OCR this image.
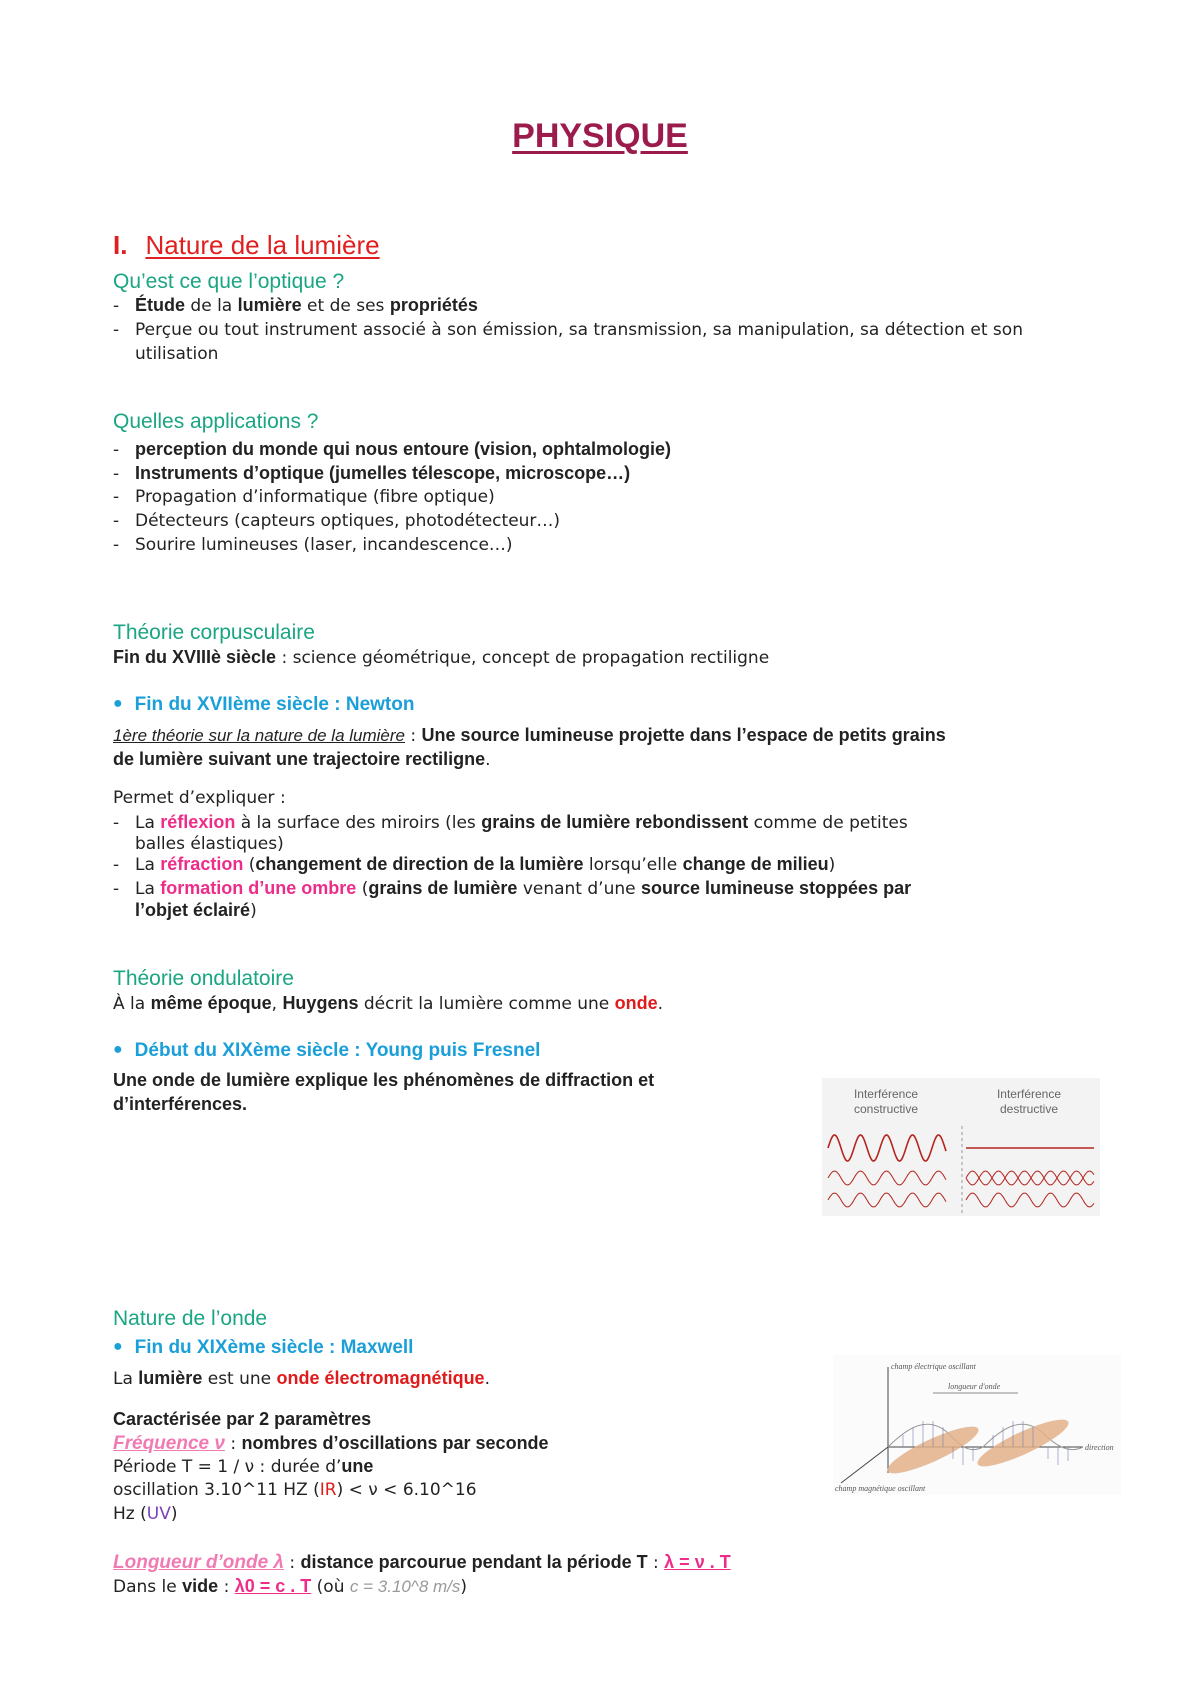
PHYSIQUE
I. Nature de la lumière
Qu’est ce que l’optique ?
- Étude de la lumière et de ses propriétés
- Perçue ou tout instrument associé à son émission, sa transmission, sa manipulation, sa détection et son
utilisation
Quelles applications ?
- perception du monde qui nous entoure (vision, ophtalmologie)
- Instruments d’optique (jumelles télescope, microscope…)
- Propagation d’informatique (fibre optique)
- Détecteurs (capteurs optiques, photodétecteur…)
- Sourire lumineuses (laser, incandescence…)
Théorie corpusculaire
Fin du XVIIIè siècle : science géométrique, concept de propagation rectiligne
● Fin du XVIIème siècle : Newton
1ère théorie sur la nature de la lumière : Une source lumineuse projette dans l’espace de petits grains
de lumière suivant une trajectoire rectiligne.
Permet d’expliquer :
- La réflexion à la surface des miroirs (les grains de lumière rebondissent comme de petites
balles élastiques)
- La réfraction (changement de direction de la lumière lorsqu’elle change de milieu)
- La formation d’une ombre (grains de lumière venant d’une source lumineuse stoppées par
l’objet éclairé)
Théorie ondulatoire
À la même époque, Huygens décrit la lumière comme une onde.
● Début du XIXème siècle : Young puis Fresnel
Une onde de lumière explique les phénomènes de diffraction et
d’interférences.	Interférence
constructive
Interférence
destructive
Nature de l’onde
● Fin du XIXème siècle : Maxwell
La lumière est une onde électromagnétique.
Caractérisée par 2 paramètres
Fréquence ν : nombres d’oscillations par seconde
Période T = 1 / ν : durée d’une
oscillation 3.10^11 HZ (IR) < ν < 6.10^16
Hz (UV)
Longueur d’onde λ : distance parcourue pendant la période T : λ = ν . T
Dans le vide : λ0 = c . T (où c = 3.10^8 m/s)
champ électrique oscillant
longueur d'onde
champ magnétique oscillant
direction
